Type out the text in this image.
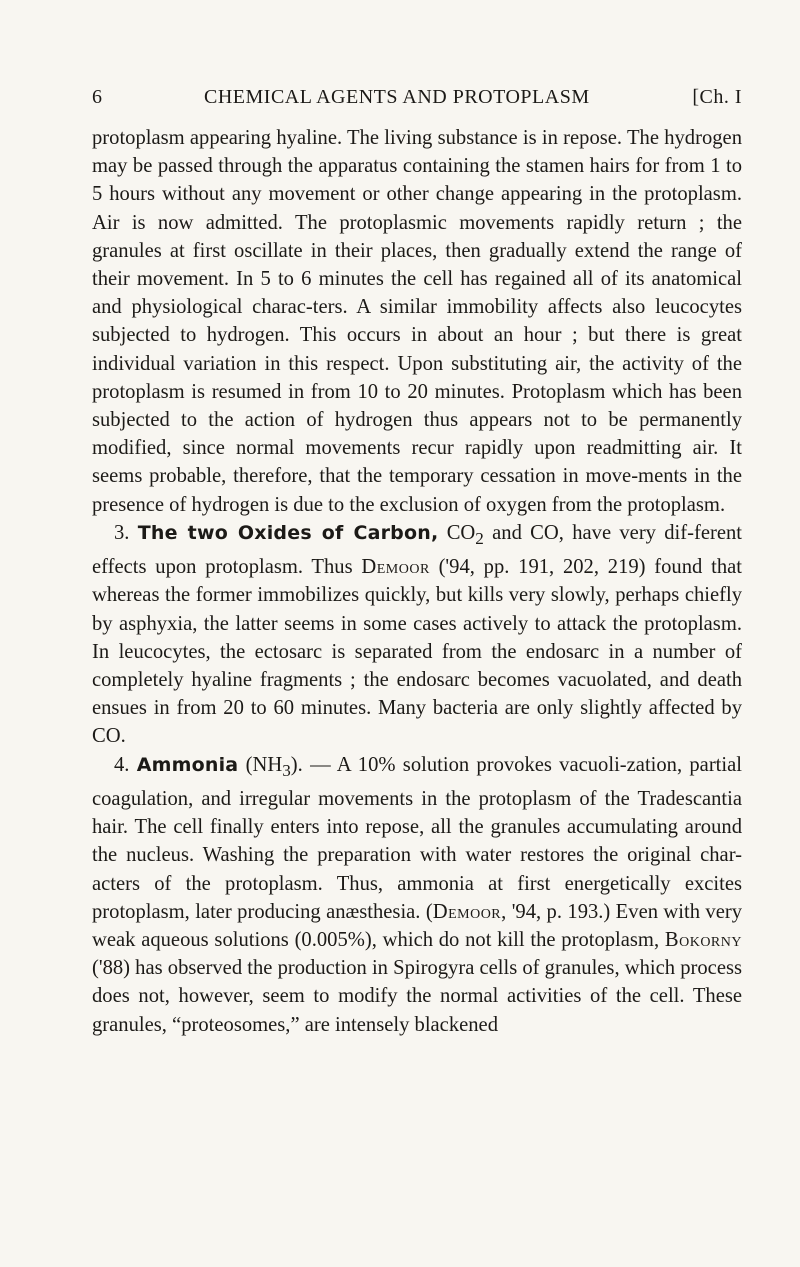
6	CHEMICAL AGENTS AND PROTOPLASM	[Ch. I

protoplasm appearing hyaline. The living substance is in repose. The hydrogen may be passed through the apparatus containing the stamen hairs for from 1 to 5 hours without any movement or other change appearing in the protoplasm. Air is now admitted. The protoplasmic movements rapidly return ; the granules at first oscillate in their places, then gradually extend the range of their movement. In 5 to 6 minutes the cell has regained all of its anatomical and physiological charac-ters. A similar immobility affects also leucocytes subjected to hydrogen. This occurs in about an hour ; but there is great individual variation in this respect. Upon substituting air, the activity of the protoplasm is resumed in from 10 to 20 minutes. Protoplasm which has been subjected to the action of hydrogen thus appears not to be permanently modified, since normal movements recur rapidly upon readmitting air. It seems probable, therefore, that the temporary cessation in move-ments in the presence of hydrogen is due to the exclusion of oxygen from the protoplasm.

3. The two Oxides of Carbon, $CO_2$ and CO, have very dif-ferent effects upon protoplasm. Thus Demoor ('94, pp. 191, 202, 219) found that whereas the former immobilizes quickly, but kills very slowly, perhaps chiefly by asphyxia, the latter seems in some cases actively to attack the protoplasm. In leucocytes, the ectosarc is separated from the endosarc in a number of completely hyaline fragments ; the endosarc becomes vacuolated, and death ensues in from 20 to 60 minutes. Many bacteria are only slightly affected by CO.

4. Ammonia $(NH_3)$. — A 10% solution provokes vacuoli-zation, partial coagulation, and irregular movements in the protoplasm of the Tradescantia hair. The cell finally enters into repose, all the granules accumulating around the nucleus. Washing the preparation with water restores the original char-acters of the protoplasm. Thus, ammonia at first energetically excites protoplasm, later producing anæsthesia. (Demoor, '94, p. 193.) Even with very weak aqueous solutions (0.005%), which do not kill the protoplasm, Bokorny ('88) has observed the production in Spirogyra cells of granules, which process does not, however, seem to modify the normal activities of the cell. These granules, “proteosomes,” are intensely blackened
